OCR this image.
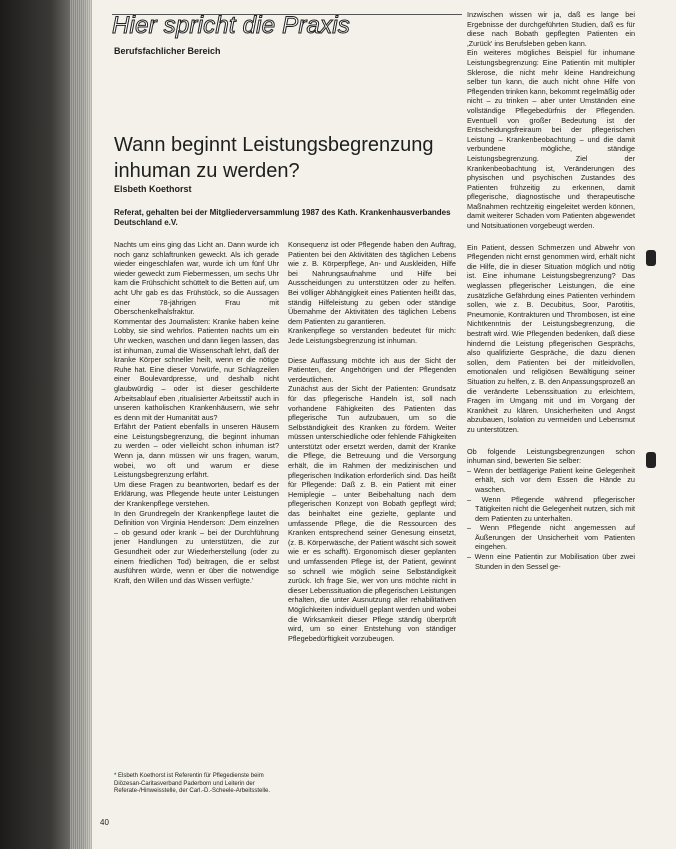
Hier spricht die Praxis
Berufsfachlicher Bereich
Wann beginnt Leistungsbegrenzung inhuman zu werden?
Elsbeth Koethorst
Referat, gehalten bei der Mitgliederversammlung 1987 des Kath. Krankenhausverbandes Deutschland e.V.

Nachts um eins ging das Licht an. Dann wurde ich noch ganz schlaftrunken geweckt. Als ich gerade wieder eingeschlafen war, wurde ich um fünf Uhr wieder geweckt zum Fiebermessen, um sechs Uhr kam die Frühschicht schüttelt to die Betten auf, um acht Uhr gab es das Frühstück, so die Aussagen einer 78-jährigen Frau mit Oberschenkelhalsfraktur.

Kommentar des Journalisten: Kranke haben keine Lobby, sie sind wehrlos. Patienten nachts um ein Uhr wecken, waschen und dann liegen lassen, das ist inhuman, zumal die Wissenschaft lehrt, daß der kranke Körper schneller heilt, wenn er die nötige Ruhe hat. Eine dieser Vorwürfe, nur Schlagzeilen einer Boulevardpresse, und deshalb nicht glaubwürdig – oder ist dieser geschilderte Arbeitsablauf eben ‚ritualisierter Arbeitsstil' auch in unseren katholischen Krankenhäusern, wie sehr es denn mit der Humanität aus?

Erfährt der Patient ebenfalls in unseren Häusern eine Leistungsbegrenzung, die beginnt inhuman zu werden – oder vielleicht schon inhuman ist? Wenn ja, dann müssen wir uns fragen, warum, wobei, wo oft und warum er diese Leistungsbegrenzung erfährt.

Um diese Fragen zu beantworten, bedarf es der Erklärung, was Pflegende heute unter Leistungen der Krankenpflege verstehen.

In den Grundregeln der Krankenpflege lautet die Definition von Virginia Henderson: ‚Dem einzelnen – ob gesund oder krank – bei der Durchführung jener Handlungen zu unterstützen, die zur Gesundheit oder zur Wiederherstellung (oder zu einem friedlichen Tod) beitragen, die er selbst ausführen würde, wenn er über die notwendige Kraft, den Willen und das Wissen verfügte.'

Konsequenz ist oder Pflegende haben den Auftrag, Patienten bei den Aktivitäten des täglichen Lebens wie z. B. Körperpflege, An- und Auskleiden, Hilfe bei Nahrungsaufnahme und Hilfe bei Ausscheidungen zu unterstützen oder zu helfen. Bei völliger Abhängigkeit eines Patienten heißt das, ständig Hilfeleistung zu geben oder ständige Übernahme der Aktivitäten des täglichen Lebens dem Patienten zu garantieren.

Krankenpflege so verstanden bedeutet für mich: Jede Leistungsbegrenzung ist inhuman.

Diese Auffassung möchte ich aus der Sicht der Patienten, der Angehörigen und der Pflegenden verdeutlichen.

Zunächst aus der Sicht der Patienten: Grundsatz für das pflegerische Handeln ist, soll nach vorhandene Fähigkeiten des Patienten das pflegerische Tun aufzubauen, um so die Selbständigkeit des Kranken zu fördern. Weiter müssen unterschiedliche oder fehlende Fähigkeiten unterstützt oder ersetzt werden, damit der Kranke die Pflege, die Betreuung und die Versorgung erhält, die im Rahmen der medizinischen und pflegerischen Indikation erforderlich sind. Das heißt für Pflegende: Daß z. B. ein Patient mit einer Hemiplegie – unter Beibehaltung nach dem pflegerischen Konzept von Bobath gepflegt wird; das beinhaltet eine gezielte, geplante und umfassende Pflege, die die Ressourcen des Kranken entsprechend seiner Genesung einsetzt, (z. B. Körperwäsche, der Patient wäscht sich soweit wie er es schafft). Ergonomisch dieser geplanten und umfassenden Pflege ist, der Patient, gewinnt so schnell wie möglich seine Selbständigkeit zurück. Ich frage Sie, wer von uns möchte nicht in dieser Lebenssituation die pflegerischen Leistungen erhalten, die unter Ausnutzung aller rehabilitativen Möglichkeiten individuell geplant werden und wobei die Wirksamkeit dieser Pflege ständig überprüft wird, um so einer Entstehung von ständiger Pflegebedürftigkeit vorzubeugen.

Inzwischen wissen wir ja, daß es lange bei Ergebnisse der durchgeführten Studien, daß es für diese nach Bobath gepflegten Patienten ein ‚Zurück' ins Berufsleben geben kann.

Ein weiteres mögliches Beispiel für inhumane Leistungsbegrenzung: Eine Patientin mit multipler Sklerose, die nicht mehr kleine Handreichung selber tun kann, die auch nicht ohne Hilfe von Pflegenden trinken kann, bekommt regelmäßig oder nicht – zu trinken – aber unter Umständen eine vollständige Pflegebedürfnis der Pflegenden. Eventuell von großer Bedeutung ist der Entscheidungsfreiraum bei der pflegerischen Leistung – Krankenbeobachtung – und die damit verbundene mögliche, ständige Leistungsbegrenzung. Ziel der Krankenbeobachtung ist, Veränderungen des physischen und psychischen Zustandes des Patienten frühzeitig zu erkennen, damit pflegerische, diagnostische und therapeutische Maßnahmen rechtzeitig eingeleitet werden können, damit weiterer Schaden vom Patienten abgewendet und Notsituationen vorgebeugt werden.

Ein Patient, dessen Schmerzen und Abwehr von Pflegenden nicht ernst genommen wird, erhält nicht die Hilfe, die in dieser Situation möglich und nötig ist. Eine inhumane Leistungsbegrenzung? Das weglassen pflegerischer Leistungen, die eine zusätzliche Gefährdung eines Patienten verhindern sollen, wie z. B. Decubitus, Soor, Parotitis, Pneumonie, Kontrakturen und Thrombosen, ist eine Nichtkenntnis der Leistungsbegrenzung, die bestraft wird. Wie Pflegenden bedenken, daß diese hindernd die Leistung pflegerischen Gesprächs, also qualifizierte Gespräche, die dazu dienen sollen, dem Patienten bei der mitleidvollen, emotionalen und religiösen Bewältigung seiner Situation zu helfen, z. B. den Anpassungsprozeß an die veränderte Lebenssituation zu erleichtern, Fragen im Umgang mit und im Vorgang der Krankheit zu klären. Unsicherheiten und Angst abzubauen, Isolation zu vermeiden und Lebensmut zu unterstützen.

Ob folgende Leistungsbegrenzungen schon inhuman sind, bewerten Sie selber:

– Wenn der bettlägerige Patient keine Gelegenheit erhält, sich vor dem Essen die Hände zu waschen.
– Wenn Pflegende während pflegerischer Tätigkeiten nicht die Gelegenheit nutzen, sich mit dem Patienten zu unterhalten.
– Wenn Pflegende nicht angemessen auf Äußerungen der Unsicherheit vom Patienten eingehen.
– Wenn eine Patientin zur Mobilisation über zwei Stunden in den Sessel ge-
* Elsbeth Koethorst ist Referentin für Pflegedienste beim Diözesan-Caritasverband Paderborn und Leiterin der Referate-/Hinweisstelle, der Carl.-D.-Scheele-Arbeitsstelle.
40
